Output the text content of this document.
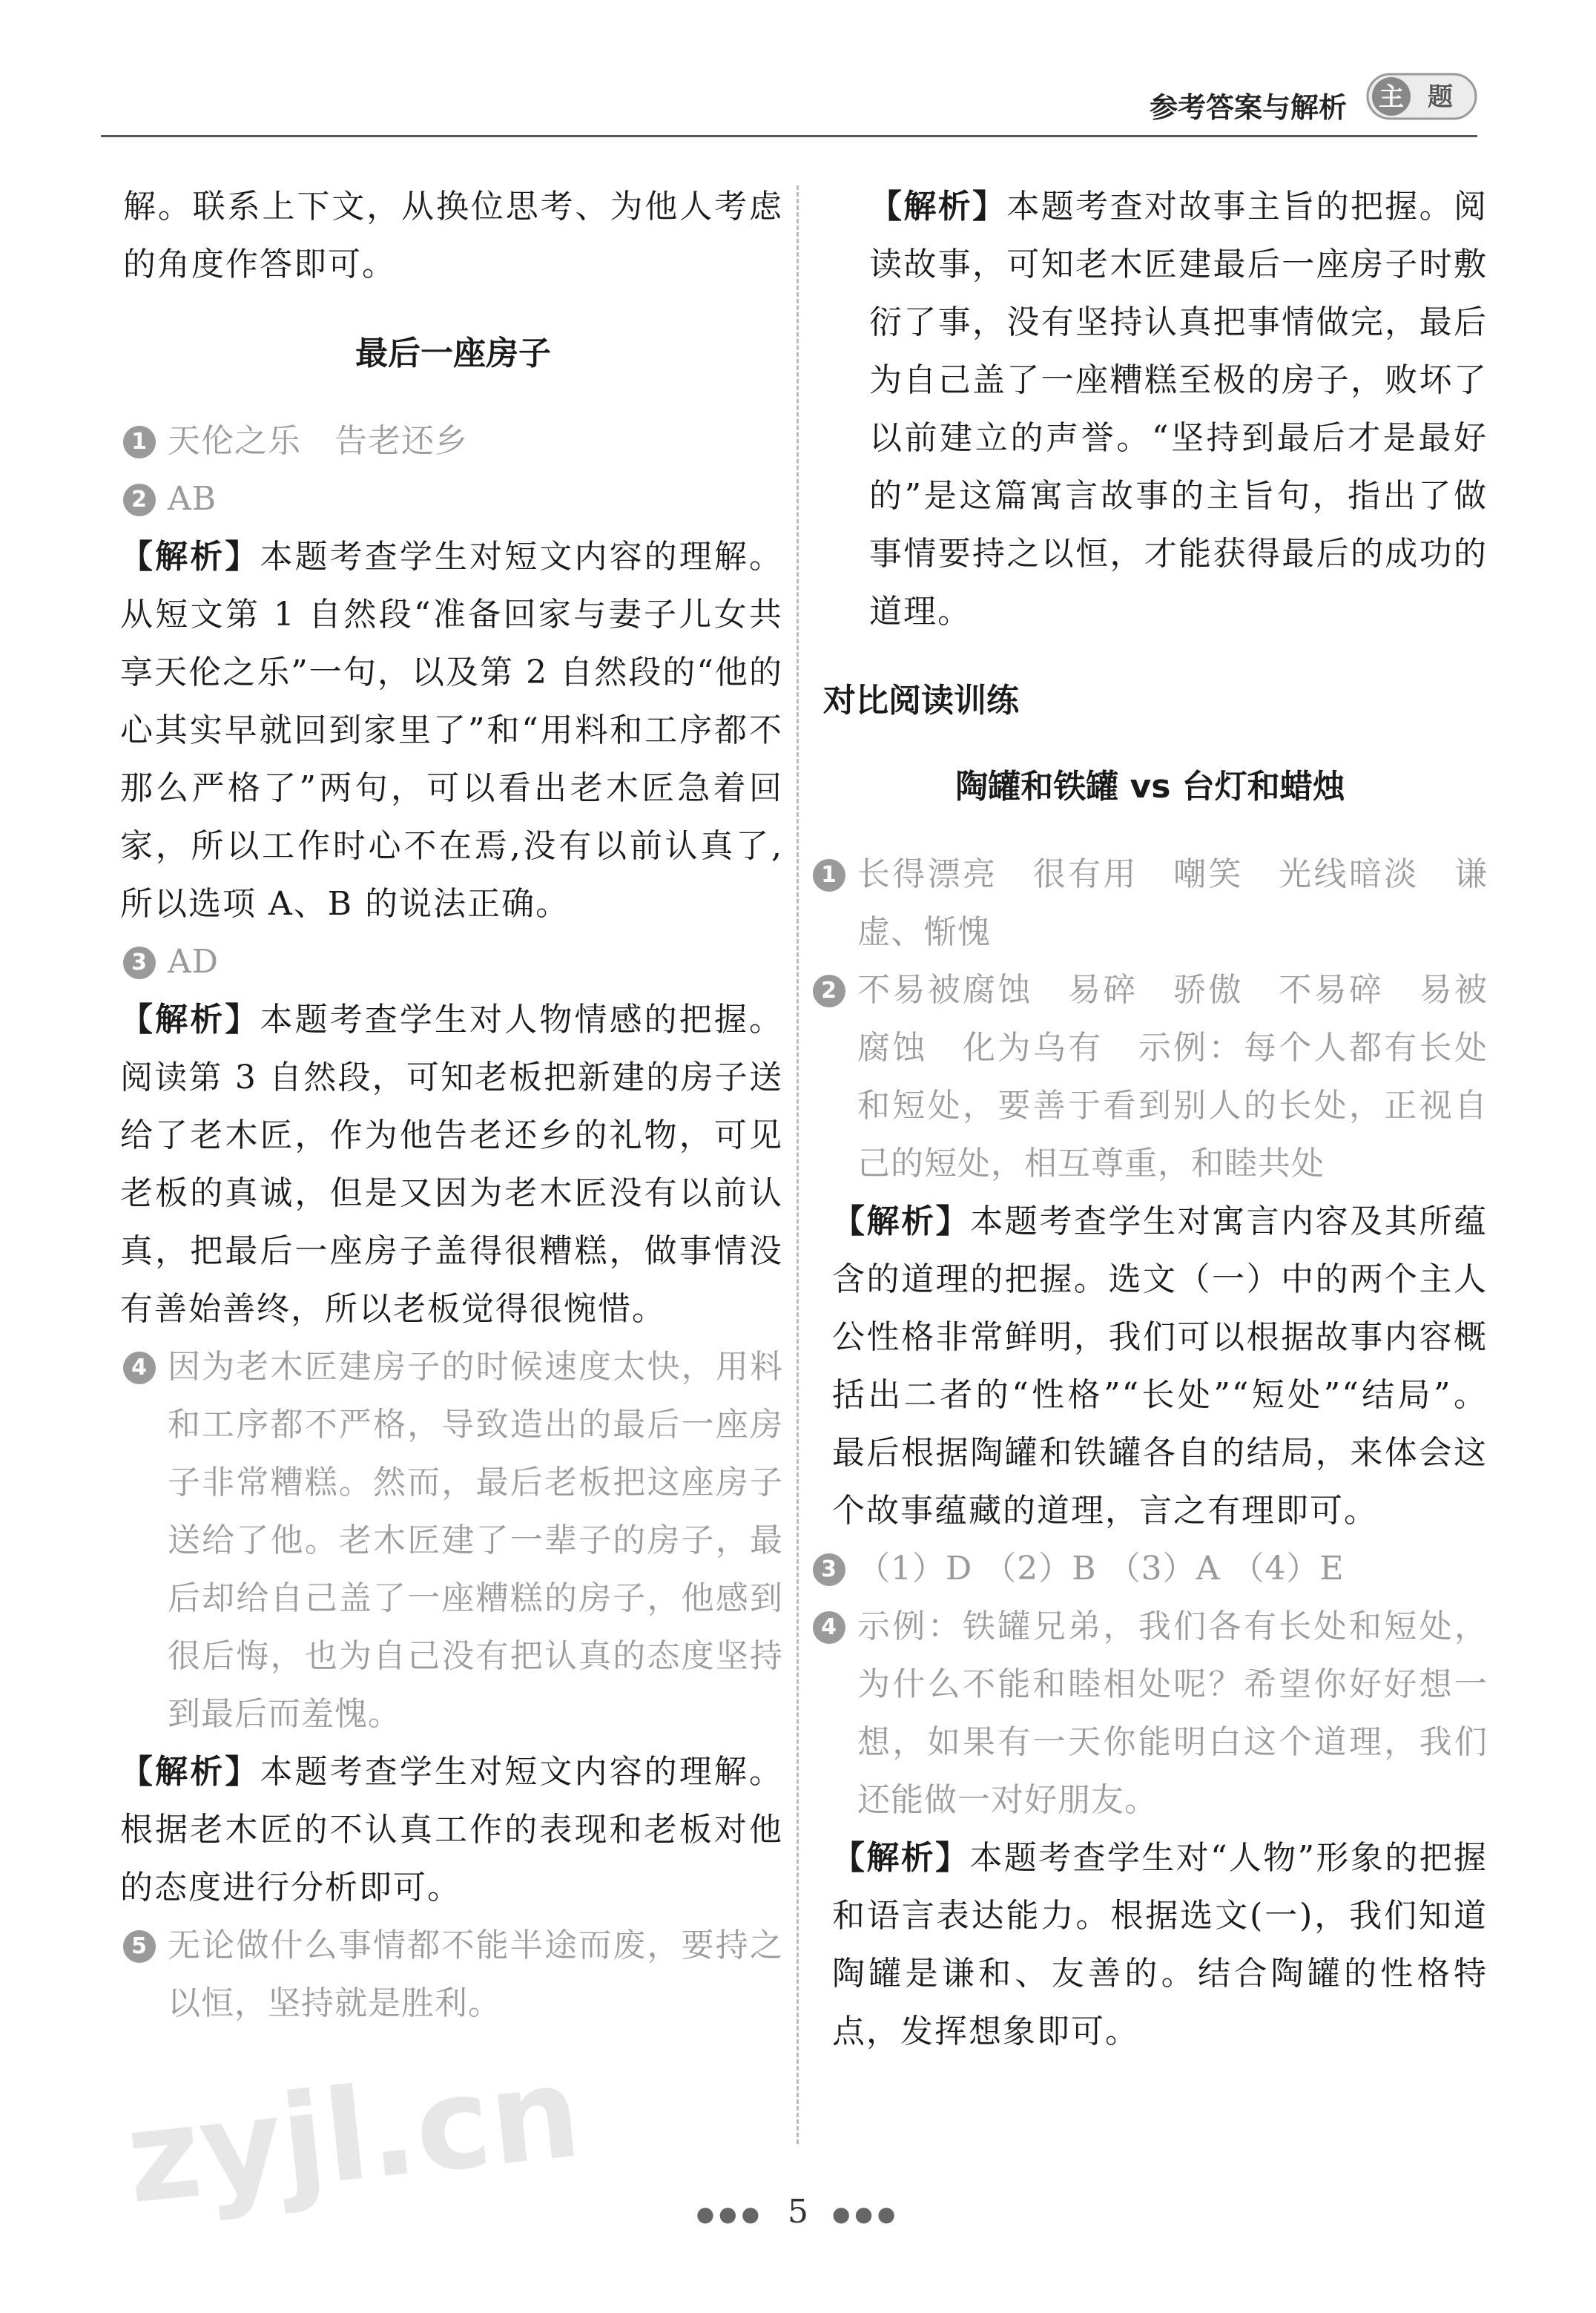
参考答案与解析 主 题

解。联系上下文，从换位思考、为他人考虑的角度作答即可。

最后一座房子
1 天伦之乐　告老还乡
2 AB

【解析】本题考查学生对短文内容的理解。从短文第 1 自然段“准备回家与妻子儿女共享天伦之乐”一句，以及第 2 自然段的“他的心其实早就回到家里了”和“用料和工序都不那么严格了”两句，可以看出老木匠急着回家，所以工作时心不在焉,没有以前认真了,所以选项 A、B 的说法正确。

3 AD

【解析】本题考查学生对人物情感的把握。阅读第 3 自然段，可知老板把新建的房子送给了老木匠，作为他告老还乡的礼物，可见老板的真诚，但是又因为老木匠没有以前认真，把最后一座房子盖得很糟糕，做事情没有善始善终，所以老板觉得很惋惜。

4 因为老木匠建房子的时候速度太快，用料和工序都不严格，导致造出的最后一座房子非常糟糕。然而，最后老板把这座房子送给了他。老木匠建了一辈子的房子，最后却给自己盖了一座糟糕的房子，他感到很后悔，也为自己没有把认真的态度坚持到最后而羞愧。

【解析】本题考查学生对短文内容的理解。根据老木匠的不认真工作的表现和老板对他的态度进行分析即可。

5 无论做什么事情都不能半途而废，要持之以恒，坚持就是胜利。

【解析】本题考查对故事主旨的把握。阅读故事，可知老木匠建最后一座房子时敷衍了事，没有坚持认真把事情做完，最后为自己盖了一座糟糕至极的房子，败坏了以前建立的声誉。“坚持到最后才是最好的”是这篇寓言故事的主旨句，指出了做事情要持之以恒，才能获得最后的成功的道理。

对比阅读训练
陶罐和铁罐 vs 台灯和蜡烛
1 长得漂亮　很有用　嘲笑　光线暗淡　谦虚、惭愧
2 不易被腐蚀　易碎　骄傲　不易碎　易被腐蚀　化为乌有　示例：每个人都有长处和短处，要善于看到别人的长处，正视自己的短处，相互尊重，和睦共处

【解析】本题考查学生对寓言内容及其所蕴含的道理的把握。选文（一）中的两个主人公性格非常鲜明，我们可以根据故事内容概括出二者的“性格”“长处”“短处”“结局”。最后根据陶罐和铁罐各自的结局，来体会这个故事蕴藏的道理，言之有理即可。

3 （1）D （2）B （3）A （4）E
4 示例：铁罐兄弟，我们各有长处和短处，为什么不能和睦相处呢？希望你好好想一想，如果有一天你能明白这个道理，我们还能做一对好朋友。

【解析】本题考查学生对“人物”形象的把握和语言表达能力。根据选文(一)，我们知道陶罐是谦和、友善的。结合陶罐的性格特点，发挥想象即可。

●●● 5 ●●●
zyjl.cn
